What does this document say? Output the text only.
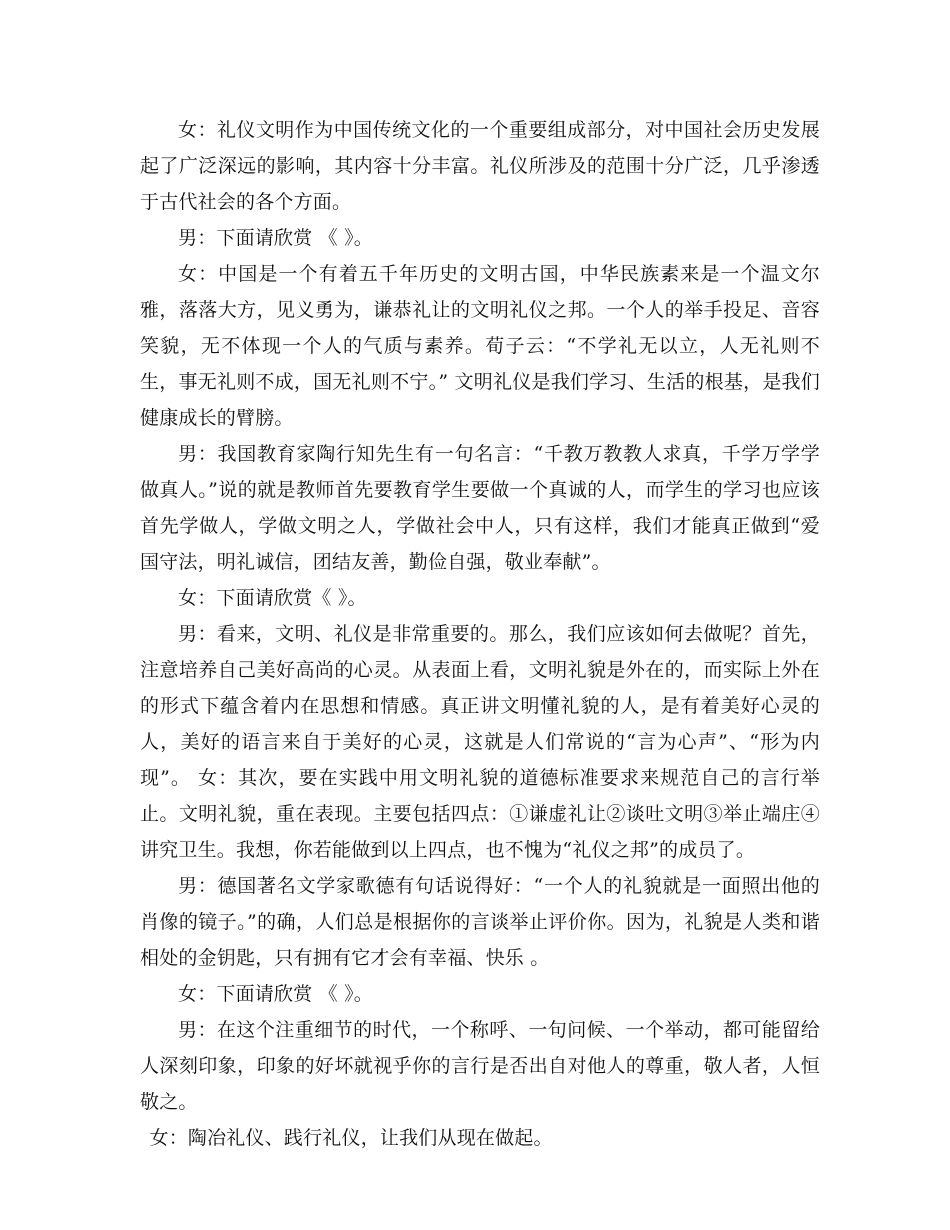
女：礼仪文明作为中国传统文化的一个重要组成部分，对中国社会历史发展起了广泛深远的影响，其内容十分丰富。礼仪所涉及的范围十分广泛，几乎渗透于古代社会的各个方面。

男：下面请欣赏 《 》。

女：中国是一个有着五千年历史的文明古国，中华民族素来是一个温文尔雅，落落大方，见义勇为，谦恭礼让的文明礼仪之邦。一个人的举手投足、音容笑貌，无不体现一个人的气质与素养。荀子云：“不学礼无以立，人无礼则不生，事无礼则不成，国无礼则不宁。” 文明礼仪是我们学习、生活的根基，是我们健康成长的臂膀。

男：我国教育家陶行知先生有一句名言：“千教万教教人求真，千学万学学做真人。”说的就是教师首先要教育学生要做一个真诚的人，而学生的学习也应该首先学做人，学做文明之人，学做社会中人，只有这样，我们才能真正做到“爱国守法，明礼诚信，团结友善，勤俭自强，敬业奉献”。

女：下面请欣赏《 》。

男：看来，文明、礼仪是非常重要的。那么，我们应该如何去做呢？首先，注意培养自己美好高尚的心灵。从表面上看，文明礼貌是外在的，而实际上外在的形式下蕴含着内在思想和情感。真正讲文明懂礼貌的人，是有着美好心灵的人，美好的语言来自于美好的心灵，这就是人们常说的“言为心声”、“形为内现”。 女：其次，要在实践中用文明礼貌的道德标准要求来规范自己的言行举止。文明礼貌，重在表现。主要包括四点：①谦虚礼让②谈吐文明③举止端庄④讲究卫生。我想，你若能做到以上四点，也不愧为“礼仪之邦”的成员了。

男：德国著名文学家歌德有句话说得好：“一个人的礼貌就是一面照出他的肖像的镜子。”的确，人们总是根据你的言谈举止评价你。因为，礼貌是人类和谐相处的金钥匙，只有拥有它才会有幸福、快乐 。

女：下面请欣赏 《 》。

男：在这个注重细节的时代，一个称呼、一句问候、一个举动，都可能留给人深刻印象，印象的好坏就视乎你的言行是否出自对他人的尊重，敬人者，人恒敬之。

女：陶冶礼仪、践行礼仪，让我们从现在做起。
